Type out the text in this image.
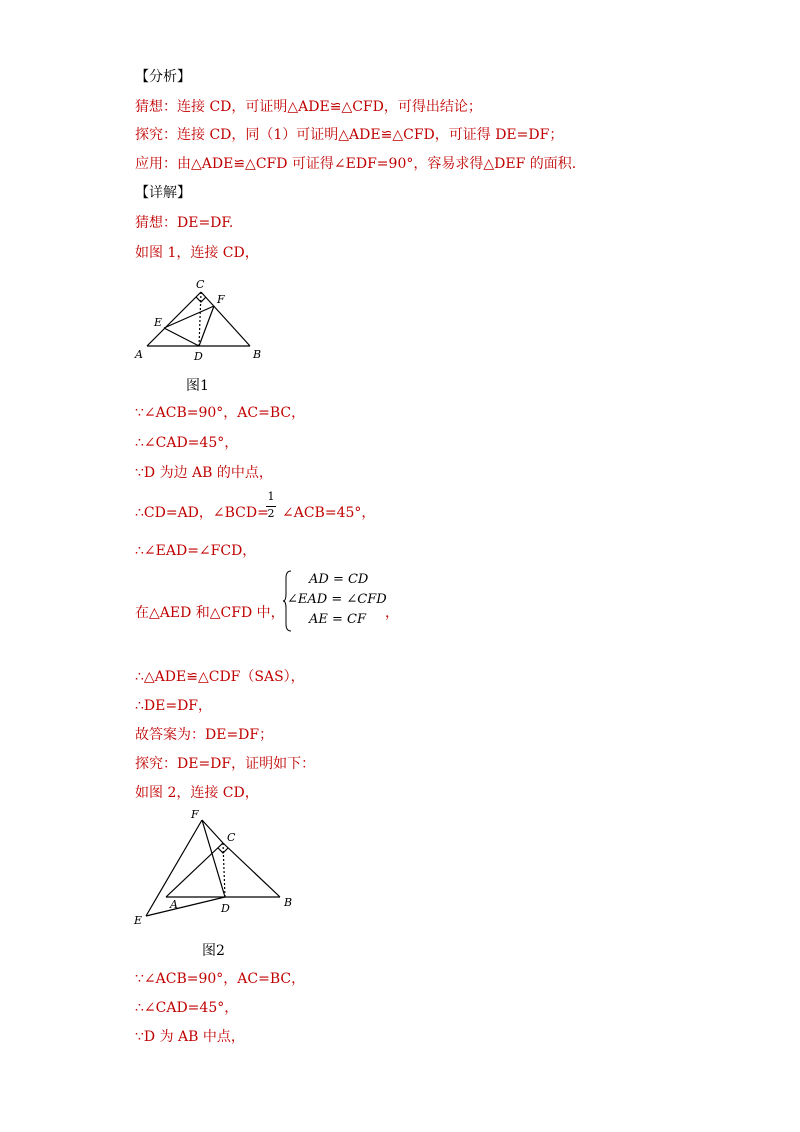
【分析】
猜想：连接 CD，可证明△ADE≌△CFD，可得出结论；
探究：连接 CD，同（1）可证明△ADE≌△CFD，可证得 DE=DF；
应用：由△ADE≌△CFD 可证得∠EDF=90°，容易求得△DEF 的面积.
【详解】
猜想：DE=DF.
如图 1，连接 CD，
C
F
E
A	D	B
图1
∵∠ACB=90°，AC=BC，
∴∠CAD=45°，
∵D 为边 AB 的中点，
∴CD=AD，∠BCD=
1
2 ∠ACB=45°，
∴∠EAD=∠FCD，
在△AED 和△CFD 中，
AD = CD
∠EAD = ∠CFD
AE = CF ，
∴△ADE≌△CDF（SAS），
∴DE=DF，
故答案为：DE=DF；
探究：DE=DF，证明如下：
如图 2，连接 CD，
F
C
A	D	B
E
图2
∵∠ACB=90°，AC=BC，
∴∠CAD=45°，
∵D 为 AB 中点，
